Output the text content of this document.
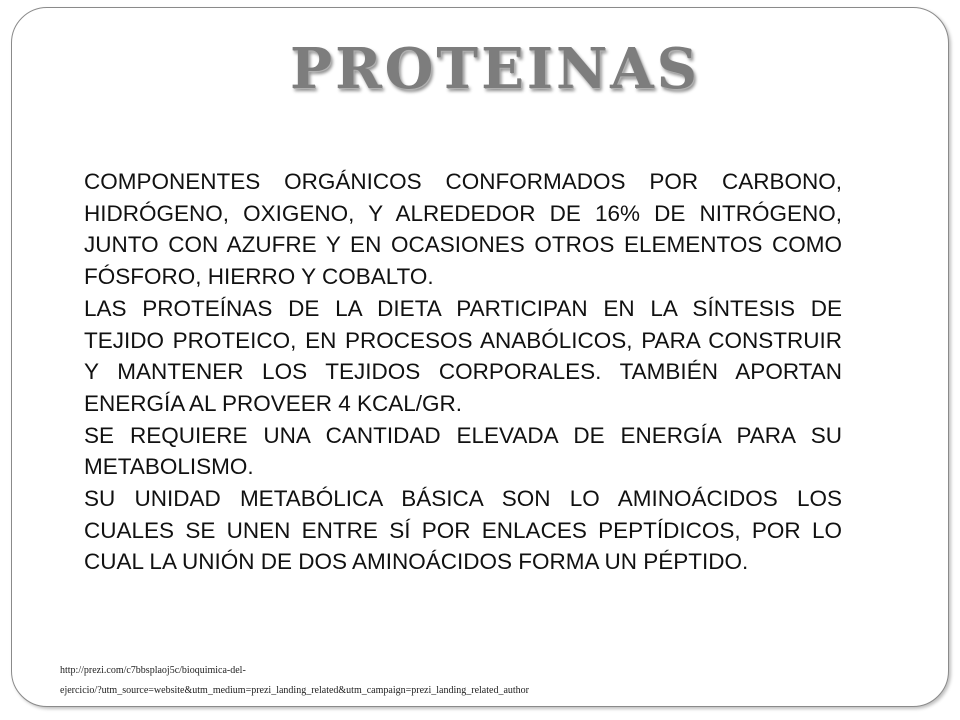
PROTEINAS

COMPONENTES ORGÁNICOS CONFORMADOS POR CARBONO, HIDRÓGENO, OXIGENO, Y ALREDEDOR DE 16% DE NITRÓGENO, JUNTO CON AZUFRE Y EN OCASIONES OTROS ELEMENTOS COMO FÓSFORO, HIERRO Y COBALTO.

LAS PROTEÍNAS DE LA DIETA PARTICIPAN EN LA SÍNTESIS DE TEJIDO PROTEICO, EN PROCESOS ANABÓLICOS, PARA CONSTRUIR Y MANTENER LOS TEJIDOS CORPORALES. TAMBIÉN APORTAN ENERGÍA AL PROVEER 4 KCAL/GR.

SE REQUIERE UNA CANTIDAD ELEVADA DE ENERGÍA PARA SU METABOLISMO.

SU UNIDAD METABÓLICA BÁSICA SON LO AMINOÁCIDOS LOS CUALES SE UNEN ENTRE SÍ POR ENLACES PEPTÍDICOS, POR LO CUAL LA UNIÓN DE DOS AMINOÁCIDOS FORMA UN PÉPTIDO.

http://prezi.com/c7bbsplaoj5c/bioquimica-del-
ejercicio/?utm_source=website&utm_medium=prezi_landing_related&utm_campaign=prezi_landing_related_author
